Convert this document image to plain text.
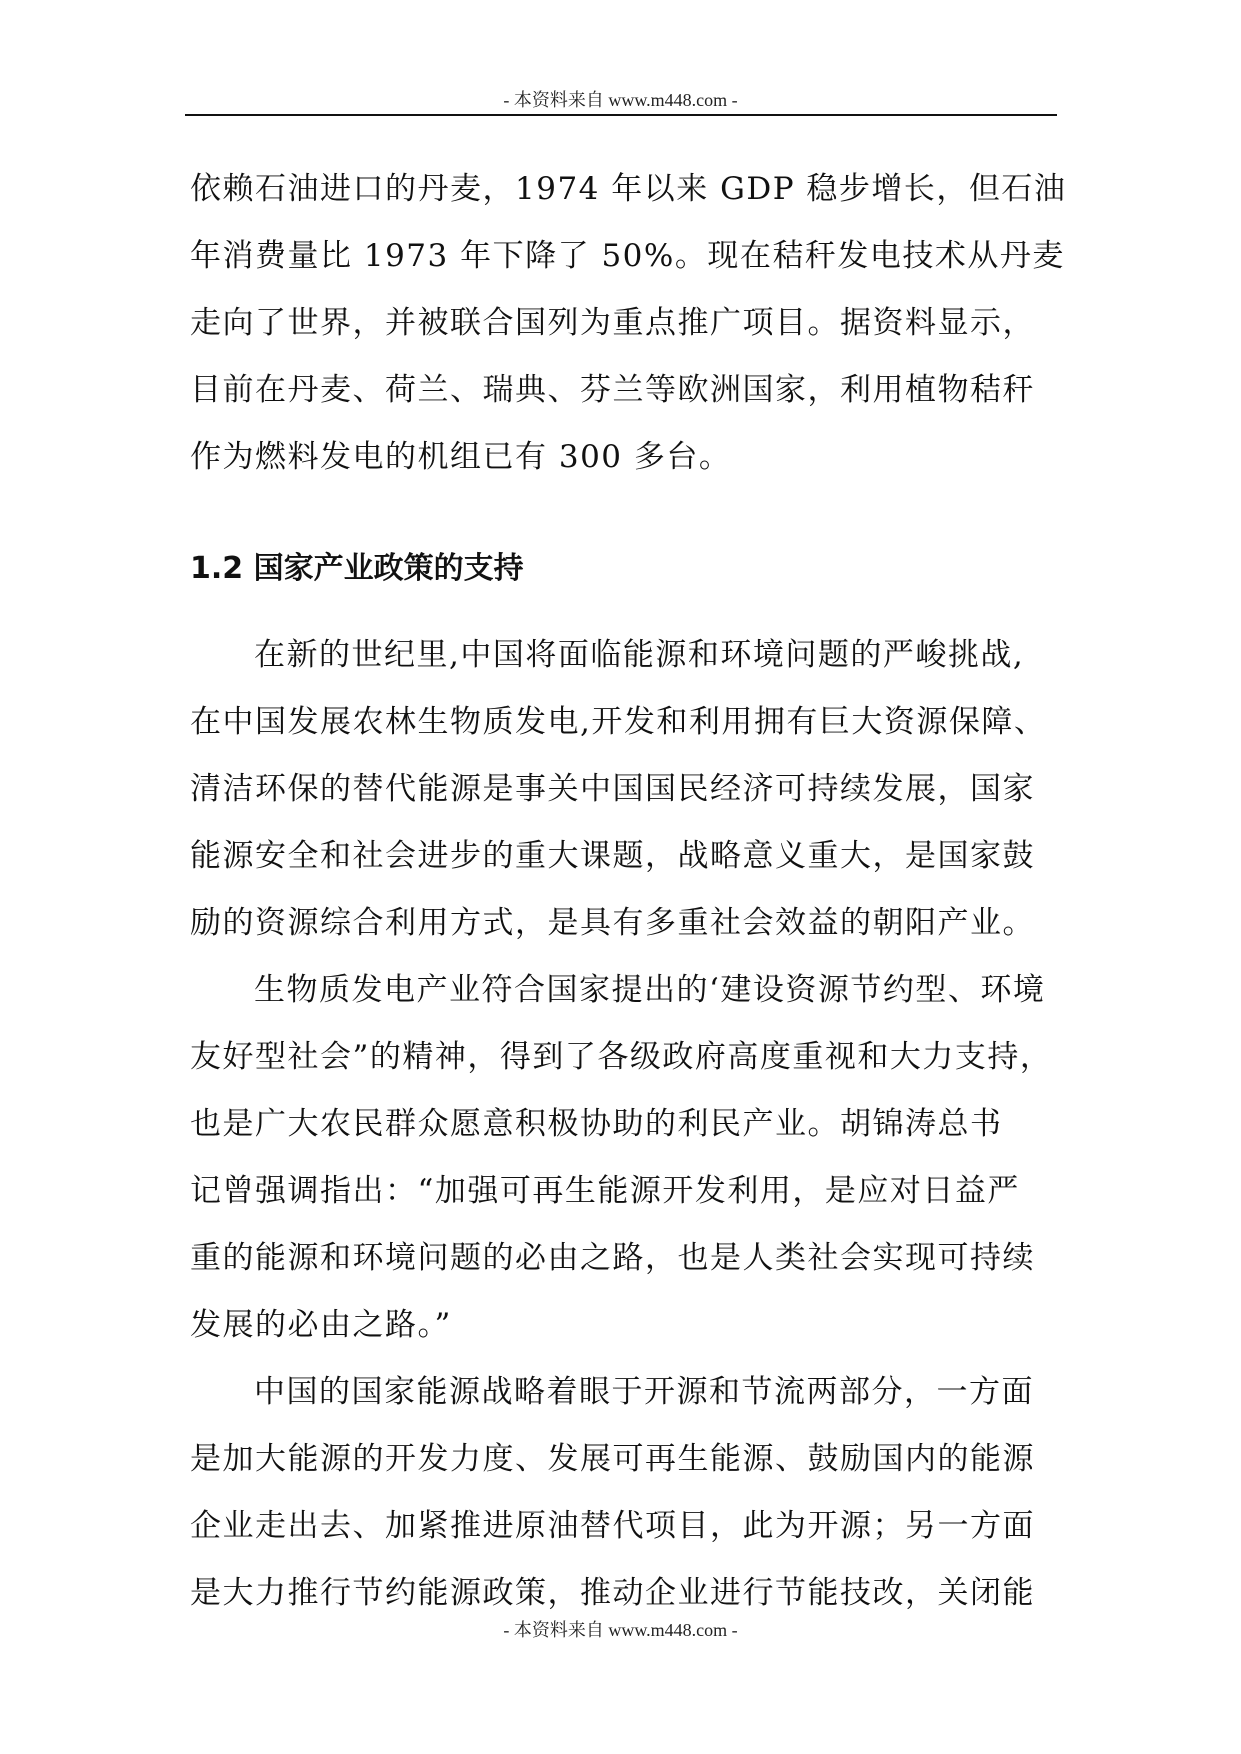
- 本资料来自 www.m448.com -
依赖石油进口的丹麦，1974 年以来 GDP 稳步增长，但石油
年消费量比 1973 年下降了 50%。现在秸秆发电技术从丹麦
走向了世界，并被联合国列为重点推广项目。据资料显示，
目前在丹麦、荷兰、瑞典、芬兰等欧洲国家，利用植物秸秆
作为燃料发电的机组已有 300 多台。
1.2 国家产业政策的支持
在新的世纪里,中国将面临能源和环境问题的严峻挑战,
在中国发展农林生物质发电,开发和利用拥有巨大资源保障、
清洁环保的替代能源是事关中国国民经济可持续发展，国家
能源安全和社会进步的重大课题，战略意义重大，是国家鼓
励的资源综合利用方式，是具有多重社会效益的朝阳产业。
生物质发电产业符合国家提出的‘建设资源节约型、环境
友好型社会”的精神，得到了各级政府高度重视和大力支持，
也是广大农民群众愿意积极协助的利民产业。胡锦涛总书
记曾强调指出：“加强可再生能源开发利用，是应对日益严
重的能源和环境问题的必由之路，也是人类社会实现可持续
发展的必由之路。”
中国的国家能源战略着眼于开源和节流两部分，一方面
是加大能源的开发力度、发展可再生能源、鼓励国内的能源
企业走出去、加紧推进原油替代项目，此为开源；另一方面
是大力推行节约能源政策，推动企业进行节能技改，关闭能
- 本资料来自 www.m448.com -
